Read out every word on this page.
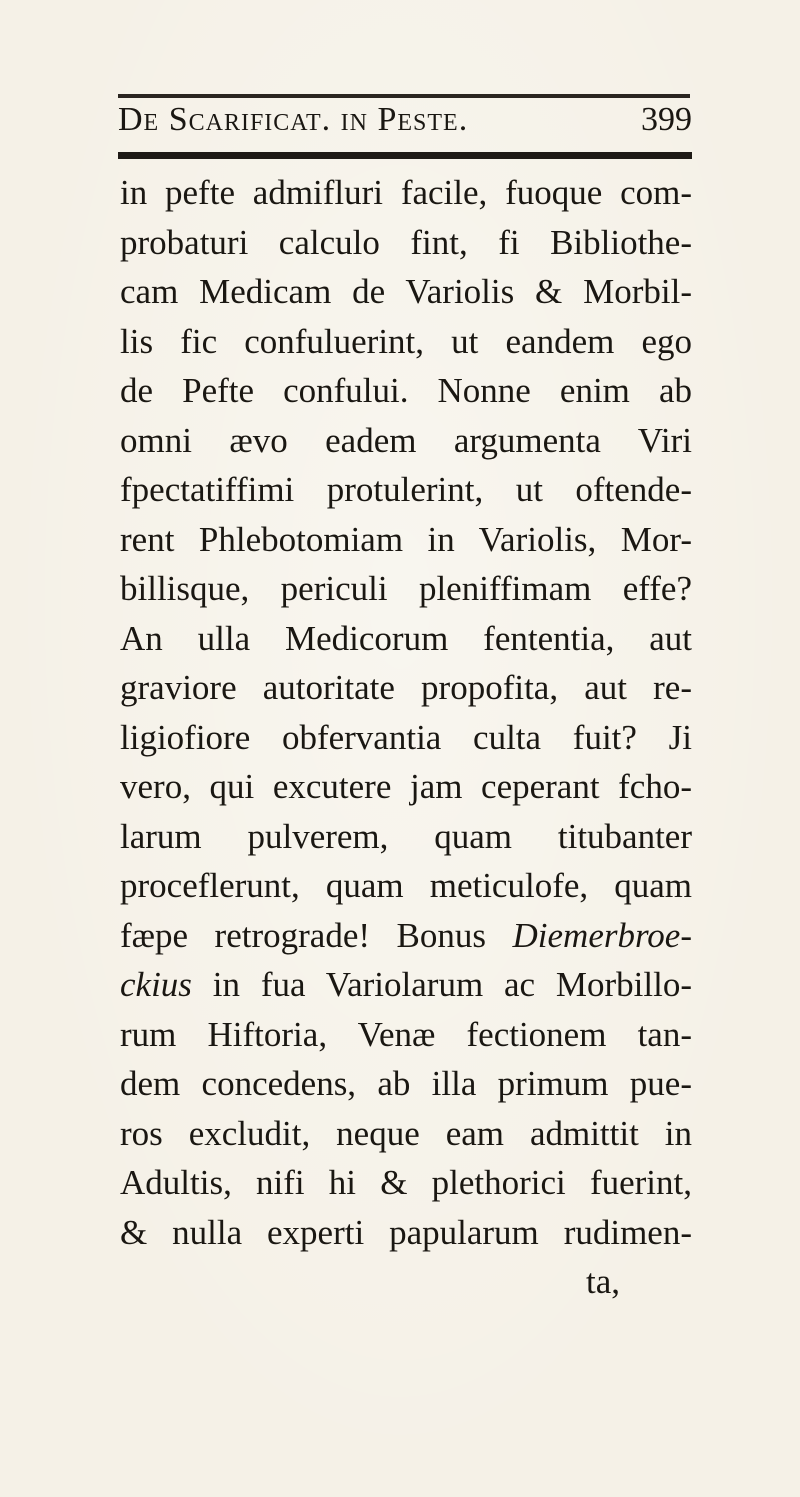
De Scarificat. in Peste.	399
in pefte admifluri facile, fuoque com-
probaturi calculo fint, fi Bibliothe-
cam Medicam de Variolis & Morbil-
lis fic confuluerint, ut eandem ego
de Pefte confului. Nonne enim ab
omni ævo eadem argumenta Viri
fpectatiffimi protulerint, ut oftende-
rent Phlebotomiam in Variolis, Mor-
billisque, periculi pleniffimam effe?
An ulla Medicorum fententia, aut
graviore autoritate propofita, aut re-
ligiofiore obfervantia culta fuit? Ji
vero, qui excutere jam ceperant fcho-
larum pulverem, quam titubanter
proceflerunt, quam meticulofe, quam
fæpe retrograde! Bonus Diemerbroe-
ckius in fua Variolarum ac Morbillo-
rum Hiftoria, Venæ fectionem tan-
dem concedens, ab illa primum pue-
ros excludit, neque eam admittit in
Adultis, nifi hi & plethorici fuerint,
& nulla experti papularum rudimen-
ta,
